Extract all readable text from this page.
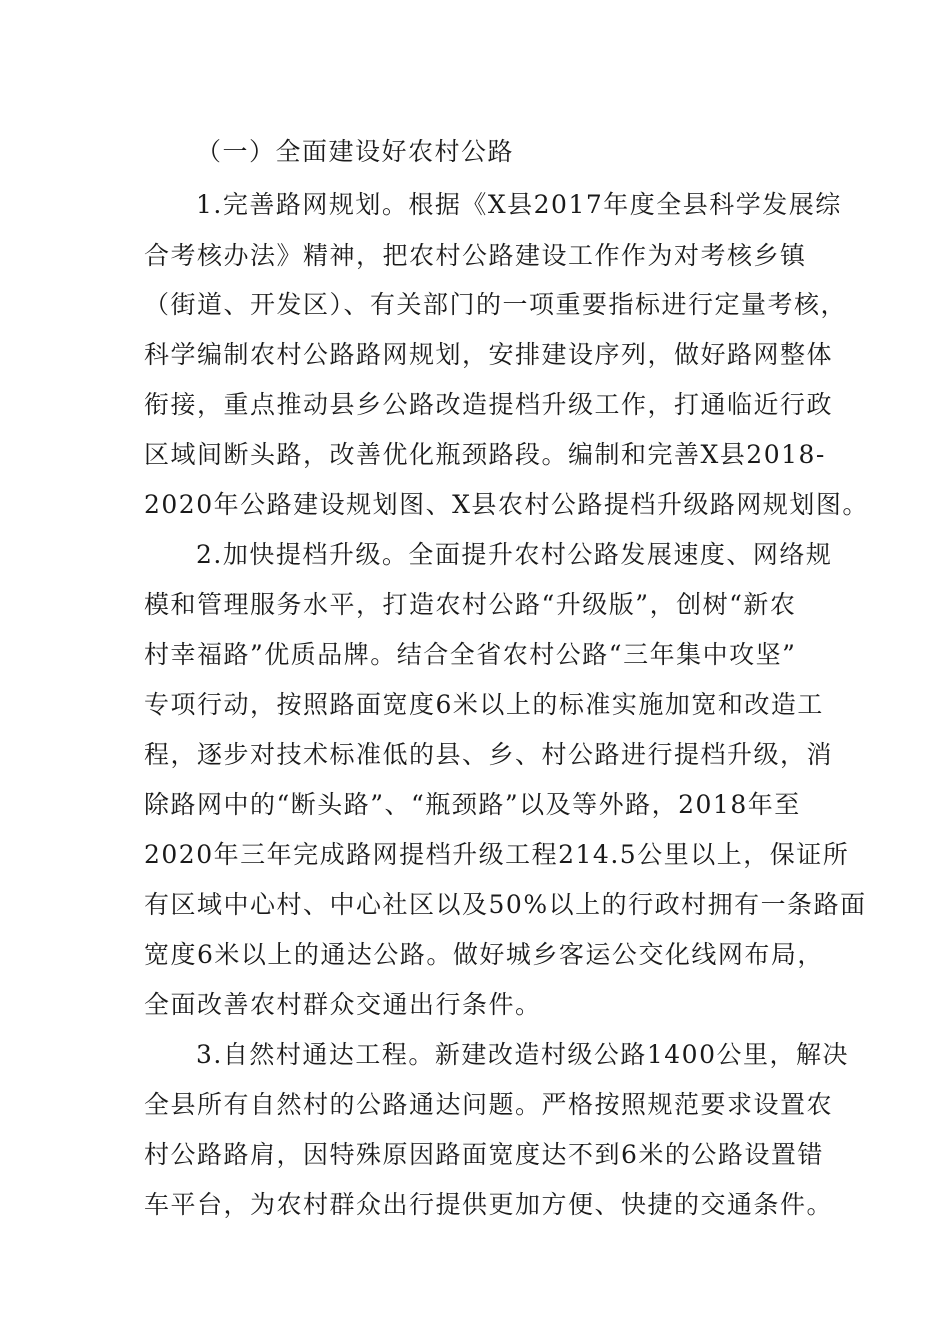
（一）全面建设好农村公路
1.完善路网规划。根据《X县2017年度全县科学发展综
合考核办法》精神，把农村公路建设工作作为对考核乡镇
（街道、开发区）、有关部门的一项重要指标进行定量考核，
科学编制农村公路路网规划，安排建设序列，做好路网整体
衔接，重点推动县乡公路改造提档升级工作，打通临近行政
区域间断头路，改善优化瓶颈路段。编制和完善X县2018-
2020年公路建设规划图、X县农村公路提档升级路网规划图。
2.加快提档升级。全面提升农村公路发展速度、网络规
模和管理服务水平，打造农村公路“升级版”，创树“新农
村幸福路”优质品牌。结合全省农村公路“三年集中攻坚”
专项行动，按照路面宽度6米以上的标准实施加宽和改造工
程，逐步对技术标准低的县、乡、村公路进行提档升级，消
除路网中的“断头路”、“瓶颈路”以及等外路，2018年至
2020年三年完成路网提档升级工程214.5公里以上，保证所
有区域中心村、中心社区以及50%以上的行政村拥有一条路面
宽度6米以上的通达公路。做好城乡客运公交化线网布局，
全面改善农村群众交通出行条件。
3.自然村通达工程。新建改造村级公路1400公里，解决
全县所有自然村的公路通达问题。严格按照规范要求设置农
村公路路肩，因特殊原因路面宽度达不到6米的公路设置错
车平台，为农村群众出行提供更加方便、快捷的交通条件。
